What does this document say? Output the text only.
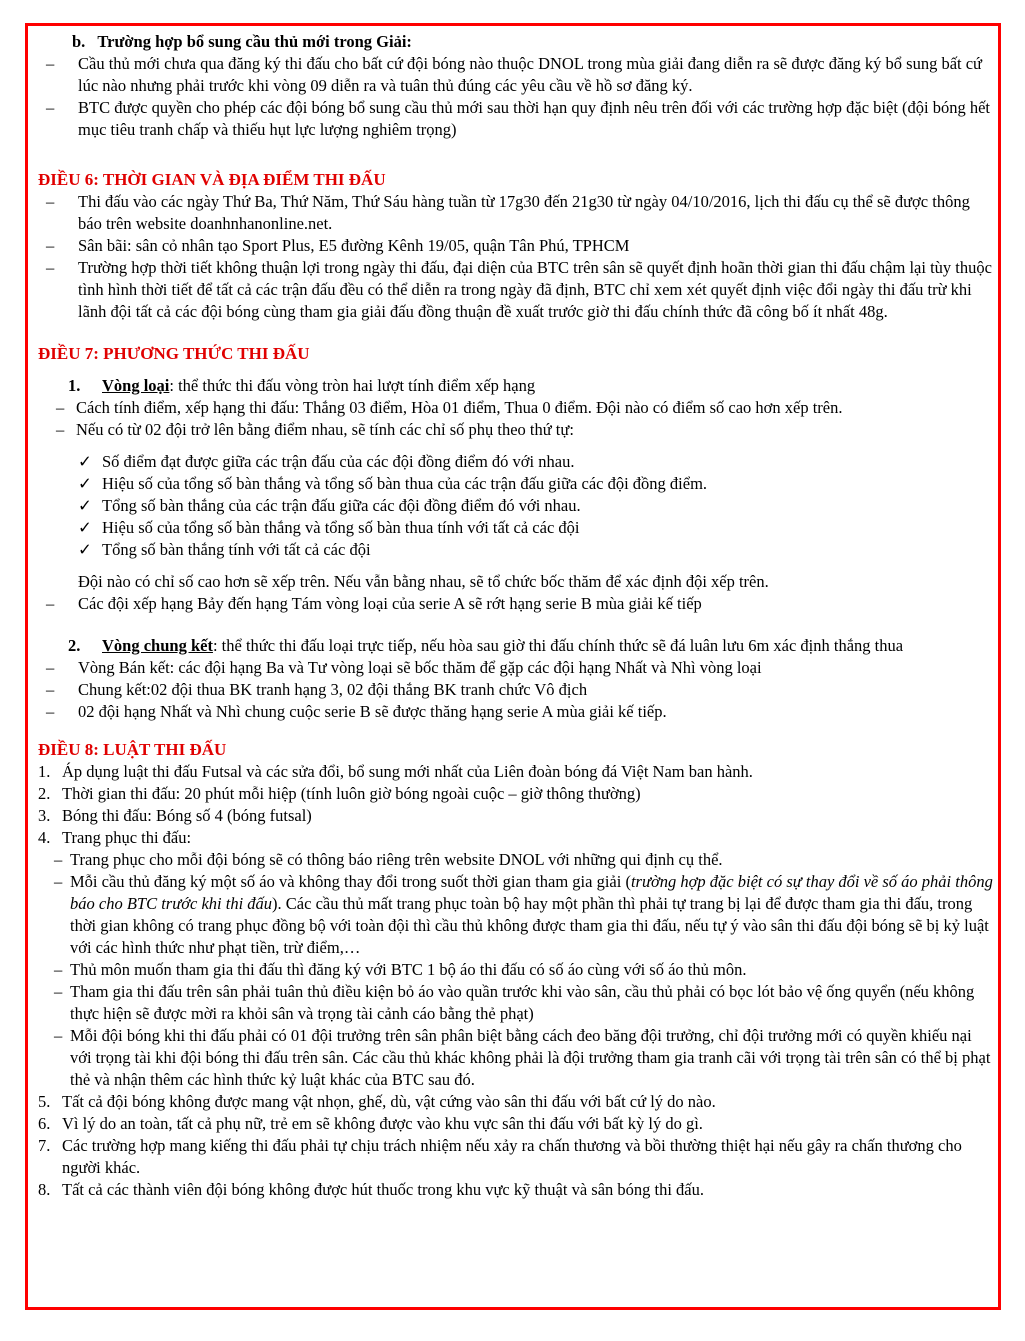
b. Trường hợp bổ sung cầu thủ mới trong Giải:

– Cầu thủ mới chưa qua đăng ký thi đấu cho bất cứ đội bóng nào thuộc DNOL trong mùa giải đang diễn ra sẽ được đăng ký bổ sung bất cứ lúc nào nhưng phải trước khi vòng 09 diễn ra và tuân thủ đúng các yêu cầu về hồ sơ đăng ký.

– BTC được quyền cho phép các đội bóng bổ sung cầu thủ mới sau thời hạn quy định nêu trên đối với các trường hợp đặc biệt (đội bóng hết mục tiêu tranh chấp và thiếu hụt lực lượng nghiêm trọng)

ĐIỀU 6: THỜI GIAN VÀ ĐỊA ĐIỂM THI ĐẤU

– Thi đấu vào các ngày Thứ Ba, Thứ Năm, Thứ Sáu hàng tuần từ 17g30 đến 21g30 từ ngày 04/10/2016, lịch thi đấu cụ thể sẽ được thông báo trên website doanhnhanonline.net.

– Sân bãi: sân cỏ nhân tạo Sport Plus, E5 đường Kênh 19/05, quận Tân Phú, TPHCM

– Trường hợp thời tiết không thuận lợi trong ngày thi đấu, đại diện của BTC trên sân sẽ quyết định hoãn thời gian thi đấu chậm lại tùy thuộc tình hình thời tiết để tất cả các trận đấu đều có thể diễn ra trong ngày đã định, BTC chỉ xem xét quyết định việc đổi ngày thi đấu trừ khi lãnh đội tất cả các đội bóng cùng tham gia giải đấu đồng thuận đề xuất trước giờ thi đấu chính thức đã công bố ít nhất 48g.

ĐIỀU 7: PHƯƠNG THỨC THI ĐẤU

1. Vòng loại: thể thức thi đấu vòng tròn hai lượt tính điểm xếp hạng

– Cách tính điểm, xếp hạng thi đấu: Thắng 03 điểm, Hòa 01 điểm, Thua 0 điểm. Đội nào có điểm số cao hơn xếp trên.

– Nếu có từ 02 đội trở lên bằng điểm nhau, sẽ tính các chỉ số phụ theo thứ tự:

✓ Số điểm đạt được giữa các trận đấu của các đội đồng điểm đó với nhau.

✓ Hiệu số của tổng số bàn thắng và tổng số bàn thua của các trận đấu giữa các đội đồng điểm.

✓ Tổng số bàn thắng của các trận đấu giữa các đội đồng điểm đó với nhau.

✓ Hiệu số của tổng số bàn thắng và tổng số bàn thua tính với tất cả các đội

✓ Tổng số bàn thắng tính với tất cả các đội

Đội nào có chỉ số cao hơn sẽ xếp trên. Nếu vẫn bằng nhau, sẽ tổ chức bốc thăm để xác định đội xếp trên.

– Các đội xếp hạng Bảy đến hạng Tám vòng loại của serie A sẽ rớt hạng serie B mùa giải kế tiếp

2. Vòng chung kết: thể thức thi đấu loại trực tiếp, nếu hòa sau giờ thi đấu chính thức sẽ đá luân lưu 6m xác định thắng thua

– Vòng Bán kết: các đội hạng Ba và Tư vòng loại sẽ bốc thăm để gặp các đội hạng Nhất và Nhì vòng loại

– Chung kết:02 đội thua BK tranh hạng 3, 02 đội thắng BK tranh chức Vô địch

– 02 đội hạng Nhất và Nhì chung cuộc serie B sẽ được thăng hạng serie A mùa giải kế tiếp.

ĐIỀU 8: LUẬT THI ĐẤU

1. Áp dụng luật thi đấu Futsal và các sửa đổi, bổ sung mới nhất của Liên đoàn bóng đá Việt Nam ban hành.

2. Thời gian thi đấu: 20 phút mỗi hiệp (tính luôn giờ bóng ngoài cuộc – giờ thông thường)

3. Bóng thi đấu: Bóng số 4 (bóng futsal)

4. Trang phục thi đấu:

– Trang phục cho mỗi đội bóng sẽ có thông báo riêng trên website DNOL với những qui định cụ thể.

– Mỗi cầu thủ đăng ký một số áo và không thay đổi trong suốt thời gian tham gia giải (trường hợp đặc biệt có sự thay đổi về số áo phải thông báo cho BTC trước khi thi đấu). Các cầu thủ mất trang phục toàn bộ hay một phần thì phải tự trang bị lại để được tham gia thi đấu, trong thời gian không có trang phục đồng bộ với toàn đội thì cầu thủ không được tham gia thi đấu, nếu tự ý vào sân thi đấu đội bóng sẽ bị kỷ luật với các hình thức như phạt tiền, trừ điểm,…

– Thủ môn muốn tham gia thi đấu thì đăng ký với BTC 1 bộ áo thi đấu có số áo cùng với số áo thủ môn.

– Tham gia thi đấu trên sân phải tuân thủ điều kiện bỏ áo vào quần trước khi vào sân, cầu thủ phải có bọc lót bảo vệ ống quyển (nếu không thực hiện sẽ được mời ra khỏi sân và trọng tài cảnh cáo bằng thẻ phạt)

– Mỗi đội bóng khi thi đấu phải có 01 đội trưởng trên sân phân biệt bằng cách đeo băng đội trưởng, chỉ đội trưởng mới có quyền khiếu nại với trọng tài khi đội bóng thi đấu trên sân. Các cầu thủ khác không phải là đội trưởng tham gia tranh cãi với trọng tài trên sân có thể bị phạt thẻ và nhận thêm các hình thức kỷ luật khác của BTC sau đó.

5. Tất cả đội bóng không được mang vật nhọn, ghế, dù, vật cứng vào sân thi đấu với bất cứ lý do nào.

6. Vì lý do an toàn, tất cả phụ nữ, trẻ em sẽ không được vào khu vực sân thi đấu với bất kỳ lý do gì.

7. Các trường hợp mang kiếng thi đấu phải tự chịu trách nhiệm nếu xảy ra chấn thương và bồi thường thiệt hại nếu gây ra chấn thương cho người khác.

8. Tất cả các thành viên đội bóng không được hút thuốc trong khu vực kỹ thuật và sân bóng thi đấu.
